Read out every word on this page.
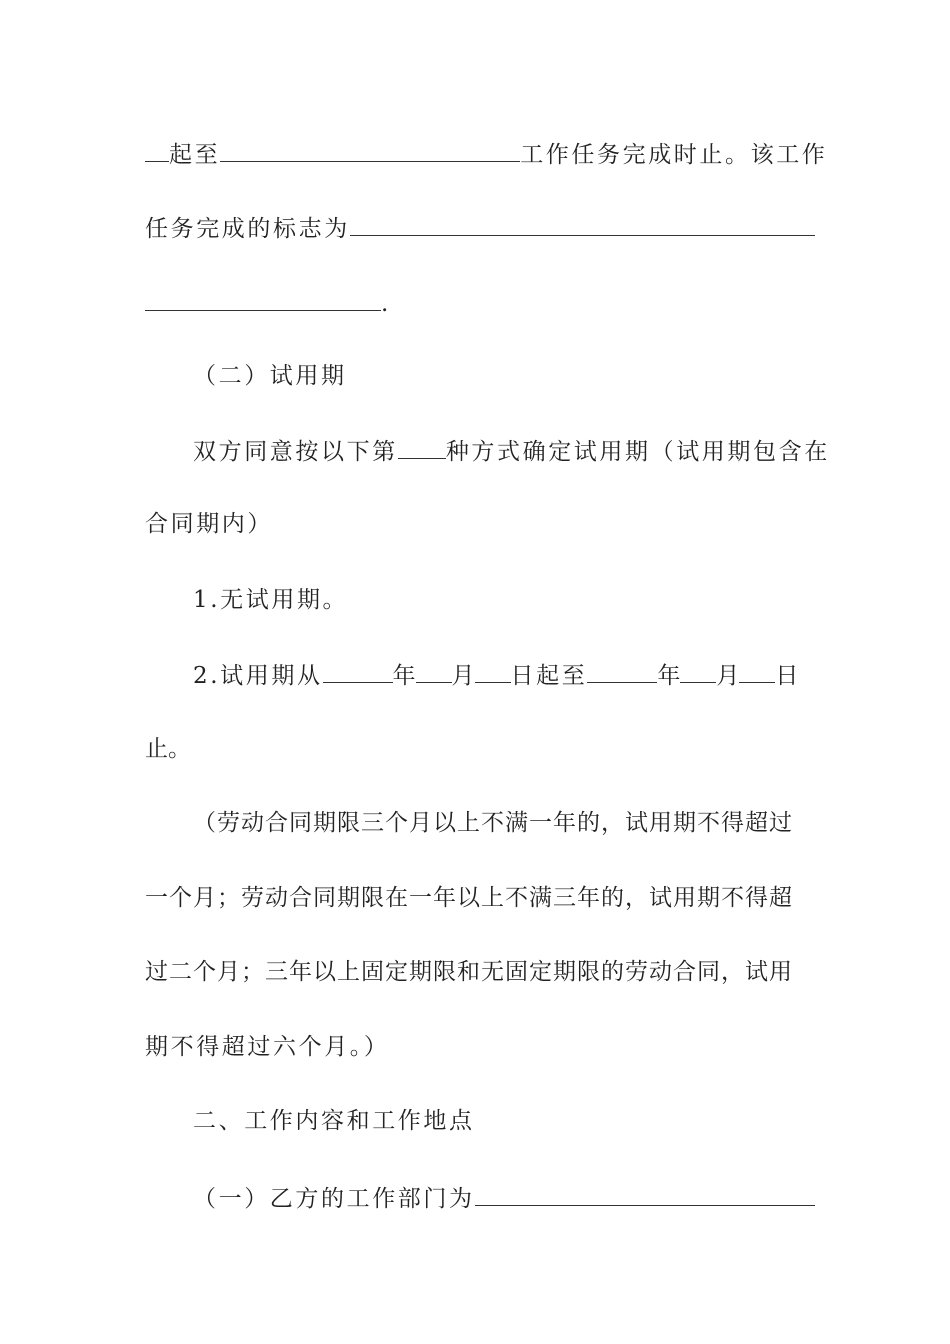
起至	工作任务完成时止。该工作
任务完成的标志为
.
（二）试用期
双方同意按以下第 种方式确定试用期（试用期包含在
合同期内）
1.无试用期。
2.试用期从	年 月 日起至	年 月 日
止。
（劳动合同期限三个月以上不满一年的，试用期不得超过
一个月；劳动合同期限在一年以上不满三年的，试用期不得超
过二个月；三年以上固定期限和无固定期限的劳动合同，试用
期不得超过六个月。）
二、工作内容和工作地点
（一）乙方的工作部门为
